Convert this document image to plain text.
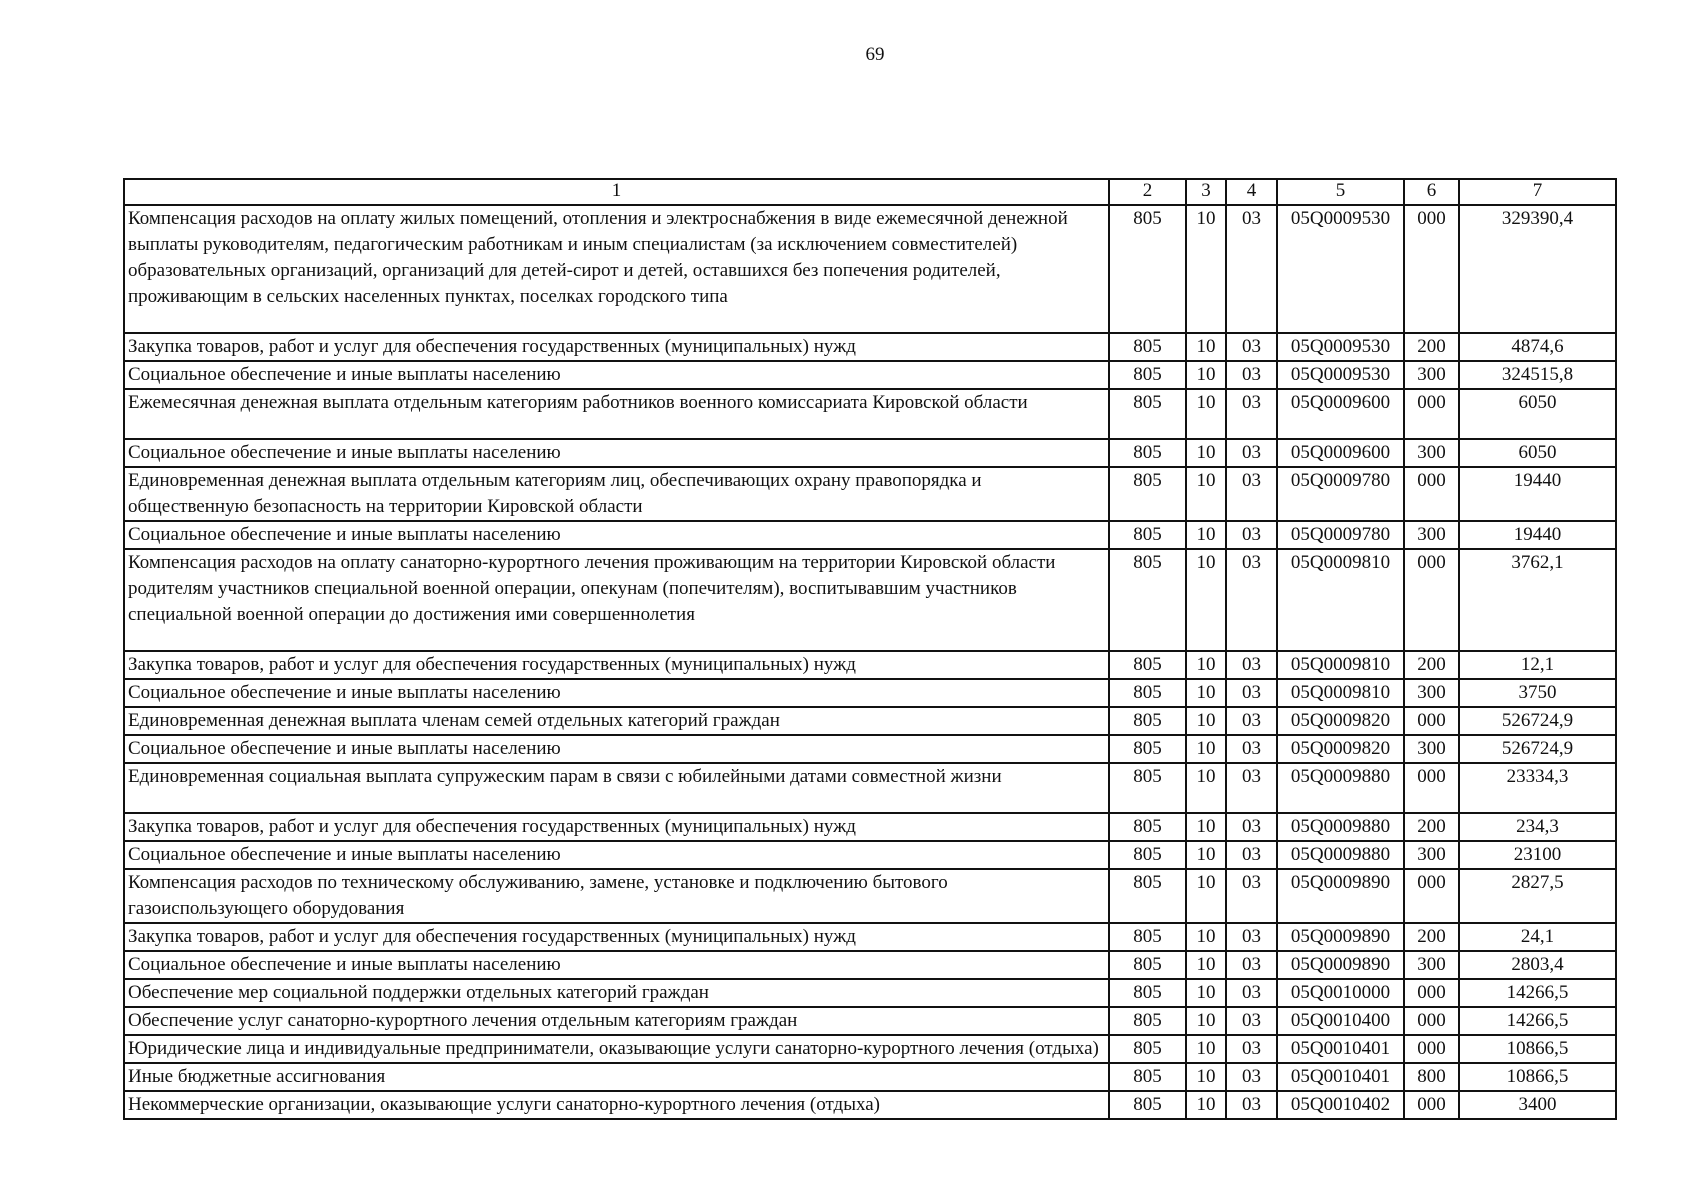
69
1	2	3	4	5	6	7
Компенсация расходов на оплату жилых помещений, отопления и электроснабжения в виде ежемесячной денежной выплаты руководителям, педагогическим работникам и иным специалистам (за исключением совместителей) образовательных организаций, организаций для детей-сирот и детей, оставшихся без попечения родителей, проживающим в сельских населенных пунктах, поселках городского типа	805	10	03	05Q0009530	000	329390,4
Закупка товаров, работ и услуг для обеспечения государственных (муниципальных) нужд	805	10	03	05Q0009530	200	4874,6
Социальное обеспечение и иные выплаты населению	805	10	03	05Q0009530	300	324515,8
Ежемесячная денежная выплата отдельным категориям работников военного комиссариата Кировской области	805	10	03	05Q0009600	000	6050
Социальное обеспечение и иные выплаты населению	805	10	03	05Q0009600	300	6050
Единовременная денежная выплата отдельным категориям лиц, обеспечивающих охрану правопорядка и общественную безопасность на территории Кировской области	805	10	03	05Q0009780	000	19440
Социальное обеспечение и иные выплаты населению	805	10	03	05Q0009780	300	19440
Компенсация расходов на оплату санаторно-курортного лечения проживающим на территории Кировской области родителям участников специальной военной операции, опекунам (попечителям), воспитывавшим участников специальной военной операции до достижения ими совершеннолетия	805	10	03	05Q0009810	000	3762,1
Закупка товаров, работ и услуг для обеспечения государственных (муниципальных) нужд	805	10	03	05Q0009810	200	12,1
Социальное обеспечение и иные выплаты населению	805	10	03	05Q0009810	300	3750
Единовременная денежная выплата членам семей отдельных категорий граждан	805	10	03	05Q0009820	000	526724,9
Социальное обеспечение и иные выплаты населению	805	10	03	05Q0009820	300	526724,9
Единовременная социальная выплата супружеским парам в связи с юбилейными датами совместной жизни	805	10	03	05Q0009880	000	23334,3
Закупка товаров, работ и услуг для обеспечения государственных (муниципальных) нужд	805	10	03	05Q0009880	200	234,3
Социальное обеспечение и иные выплаты населению	805	10	03	05Q0009880	300	23100
Компенсация расходов по техническому обслуживанию, замене, установке и подключению бытового газоиспользующего оборудования	805	10	03	05Q0009890	000	2827,5
Закупка товаров, работ и услуг для обеспечения государственных (муниципальных) нужд	805	10	03	05Q0009890	200	24,1
Социальное обеспечение и иные выплаты населению	805	10	03	05Q0009890	300	2803,4
Обеспечение мер социальной поддержки отдельных категорий граждан	805	10	03	05Q0010000	000	14266,5
Обеспечение услуг санаторно-курортного лечения отдельным категориям граждан	805	10	03	05Q0010400	000	14266,5
Юридические лица и индивидуальные предприниматели, оказывающие услуги санаторно-курортного лечения (отдыха)	805	10	03	05Q0010401	000	10866,5
Иные бюджетные ассигнования	805	10	03	05Q0010401	800	10866,5
Некоммерческие организации, оказывающие услуги санаторно-курортного лечения (отдыха)	805	10	03	05Q0010402	000	3400
